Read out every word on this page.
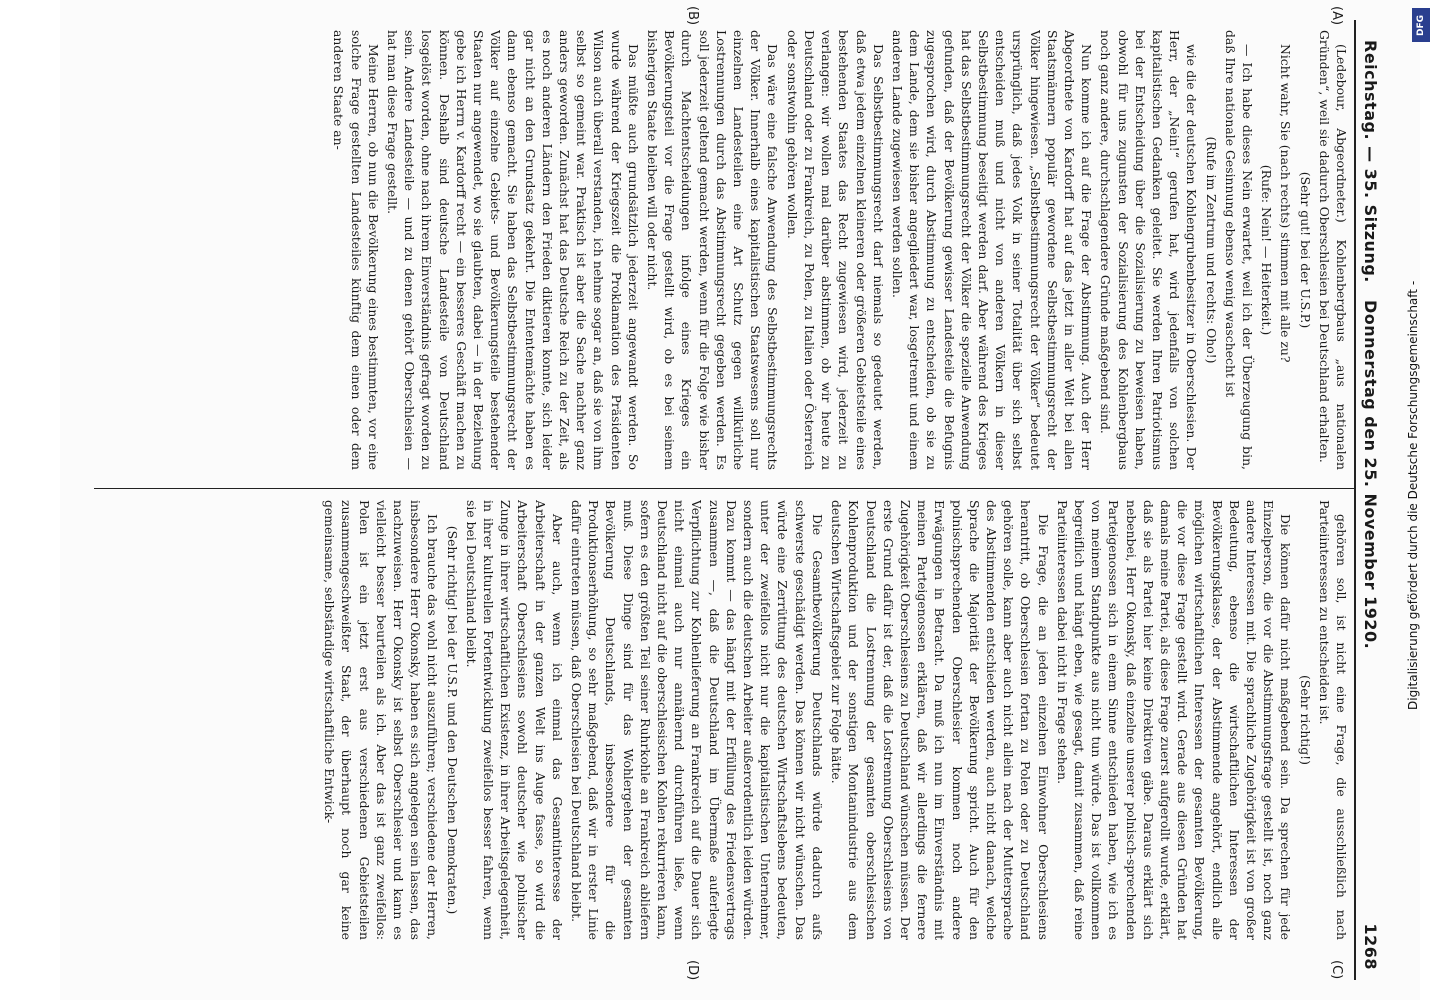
Reichstag. — 35. Sitzung.
Donnerstag den 25. November 1920.
1268
(A)
(B)
(C)
(D)

(Ledebour, Abgeordneter.) Kohlenbergbaus „aus nationalen Gründen“, weil sie dadurch Oberschlesien bei Deutschland erhalten.

(Sehr gut! bei der U.S.P.)

Nicht wahr, Sie (nach rechts) stimmen mit alle zu?

(Rufe: Nein! — Heiterkeit.)

— Ich habe dieses Nein erwartet, weil ich der Überzeugung bin, daß Ihre nationale Gesinnung ebenso wenig waschecht ist

(Rufe im Zentrum und rechts: Oho!)

wie die der deutschen Kohlengrubenbesitzer in Oberschlesien. Der Herr, der „Nein!“ gerufen hat, wird jedenfalls von solchen kapitalistischen Gedanken geleitet. Sie werden Ihren Patriotismus bei der Entscheidung über die Sozialisierung zu beweisen haben, obwohl für uns zugunsten der Sozialisierung des Kohlenbergbaus noch ganz andere, durchschlagendere Gründe maßgebend sind.

Nun komme ich auf die Frage der Abstimmung. Auch der Herr Abgeordnete von Kardorff hat auf das jetzt in aller Welt bei allen Staatsmännern populär gewordene Selbstbestimmungsrecht der Völker hingewiesen. „Selbstbestimmungsrecht der Völker“ bedeutet ursprünglich, daß jedes Volk in seiner Totalität über sich selbst entscheiden muß und nicht von anderen Völkern in dieser Selbstbestimmung beseitigt werden darf. Aber während des Krieges hat das Selbstbestimmungsrecht der Völker die spezielle Anwendung gefunden, daß der Bevölkerung gewisser Landesteile die Befugnis zugesprochen wird, durch Abstimmung zu entscheiden, ob sie zu dem Lande, dem sie bisher angegliedert war, losgetrennt und einem anderen Lande zugewiesen werden sollen.

Das Selbstbestimmungsrecht darf niemals so gedeutet werden, daß etwa jedem einzelnen kleineren oder größeren Gebietsteile eines bestehenden Staates das Recht zugewiesen wird, jederzeit zu verlangen: wir wollen mal darüber abstimmen, ob wir heute zu Deutschland oder zu Frankreich, zu Polen, zu Italien oder Österreich oder sonstwohin gehören wollen.

Das wäre eine falsche Anwendung des Selbstbestimmungsrechts der Völker. Innerhalb eines kapitalistischen Staatswesens soll nur einzelnen Landesteilen eine Art Schutz gegen willkürliche Lostrennungen durch das Abstimmungsrecht gegeben werden. Es soll jederzeit geltend gemacht werden, wenn für die Folge wie bisher durch Machtentscheidungen infolge eines Krieges ein Bevölkerungsteil vor die Frage gestellt wird, ob es bei seinem bisherigen Staate bleiben will oder nicht.

Das müßte auch grundsätzlich jederzeit angewandt werden. So wurde während der Kriegszeit die Proklamation des Präsidenten Wilson auch überall verstanden, ich nehme sogar an, daß sie von ihm selbst so gemeint war. Praktisch ist aber die Sache nachher ganz anders geworden. Zunächst hat das Deutsche Reich zu der Zeit, als es noch anderen Ländern den Frieden diktieren konnte, sich leider gar nicht an den Grundsatz gekehrt. Die Ententemächte haben es dann ebenso gemacht. Sie haben das Selbstbestimmungsrecht der Völker auf einzelne Gebiets- und Bevölkerungsteile bestehender Staaten nur angewendet, wo sie glaubten, dabei — in der Beziehung gebe ich Herrn v. Kardorff recht — ein besseres Geschäft machen zu können. Deshalb sind deutsche Landesteile von Deutschland losgelöst worden, ohne nach ihrem Einverständnis gefragt worden zu sein. Andere Landesteile — und zu denen gehört Oberschlesien — hat man diese Frage gestellt.

Meine Herren, ob nun die Bevölkerung eines bestimmten, vor eine solche Frage gestellten Landesteiles künftig dem einen oder dem anderen Staate an-

gehören soll, ist nicht eine Frage, die ausschließlich nach Parteiinteressen zu entscheiden ist.

(Sehr richtig!)

Die können dafür nicht maßgebend sein. Da sprechen für jede Einzelperson, die vor die Abstimmungsfrage gestellt ist, noch ganz andere Interessen mit. Die sprachliche Zugehörigkeit ist von großer Bedeutung, ebenso die wirtschaftlichen Interessen der Bevölkerungsklasse, der der Abstimmende angehört, endlich alle möglichen wirtschaftlichen Interessen der gesamten Bevölkerung, die vor diese Frage gestellt wird. Gerade aus diesen Gründen hat damals meine Partei, als diese Frage zuerst aufgerollt wurde, erklärt, daß sie als Partei hier keine Direktiven gäbe. Daraus erklärt sich nebenbei, Herr Okonsky, daß einzelne unserer polnisch-sprechenden Parteigenossen sich in einem Sinne entschieden haben, wie ich es von meinem Standpunkte aus nicht tun würde. Das ist vollkommen begreiflich und hängt eben, wie gesagt, damit zusammen, daß reine Parteiinteressen dabei nicht in Frage stehen.

Die Frage, die an jeden einzelnen Einwohner Oberschlesiens herantritt, ob Oberschlesien fortan zu Polen oder zu Deutschland gehören solle, kann aber auch nicht allein nach der Muttersprache des Abstimmenden entschieden werden, auch nicht danach, welche Sprache die Majorität der Bevölkerung spricht. Auch für den polnischsprechenden Oberschlesier kommen noch andere Erwägungen in Betracht. Da muß ich nun im Einverständnis mit meinen Parteigenossen erklären, daß wir allerdings die fernere Zugehörigkeit Oberschlesiens zu Deutschland wünschen müssen. Der erste Grund dafür ist der, daß die Lostrennung Oberschlesiens von Deutschland die Lostrennung der gesamten oberschlesischen Kohlenproduktion und der sonstigen Montanindustrie aus dem deutschen Wirtschaftsgebiet zur Folge hätte.

Die Gesamtbevölkerung Deutschlands würde dadurch aufs schwerste geschädigt werden. Das können wir nicht wünschen. Das würde eine Zerrüttung des deutschen Wirtschaftslebens bedeuten, unter der zweifellos nicht nur die kapitalistischen Unternehmer, sondern auch die deutschen Arbeiter außerordentlich leiden würden. Dazu kommt — das hängt mit der Erfüllung des Friedensvertrags zusammen —, daß die Deutschland im Übermaße auferlegte Verpflichtung zur Kohlenlieferung an Frankreich auf die Dauer sich nicht einmal auch nur annähernd durchführen ließe, wenn Deutschland nicht auf die oberschlesischen Kohlen rekurrieren kann, sofern es den größten Teil seiner Ruhrkohle an Frankreich abliefern muß. Diese Dinge sind für das Wohlergehen der gesamten Bevölkerung Deutschlands, insbesondere für die Produktionserhöhung, so sehr maßgebend, daß wir in erster Linie dafür eintreten müssen, daß Oberschlesien bei Deutschland bleibt.

Aber auch, wenn ich einmal das Gesamtinteresse der Arbeiterschaft in der ganzen Welt ins Auge fasse, so wird die Arbeiterschaft Oberschlesiens sowohl deutscher wie polnischer Zunge in ihrer wirtschaftlichen Existenz, in ihrer Arbeitsgelegenheit, in ihrer kulturellen Fortentwicklung zweifellos besser fahren, wenn sie bei Deutschland bleibt.

(Sehr richtig! bei der U.S.P. und den Deutschen Demokraten.)

Ich brauche das wohl nicht auszuführen; verschiedene der Herren, insbesondere Herr Okonsky, haben es sich angelegen sein lassen, das nachzuweisen. Herr Okonsky ist selbst Oberschlesier und kann es vielleicht besser beurteilen als ich. Aber das ist ganz zweifellos: Polen ist ein jetzt erst aus verschiedenen Gebietsteilen zusammengeschweißter Staat, der überhaupt noch gar keine gemeinsame, selbständige wirtschaftliche Entwick-	Digitalisierung gefördert durch die Deutsche Forschungsgemeinschaft -
DFG
